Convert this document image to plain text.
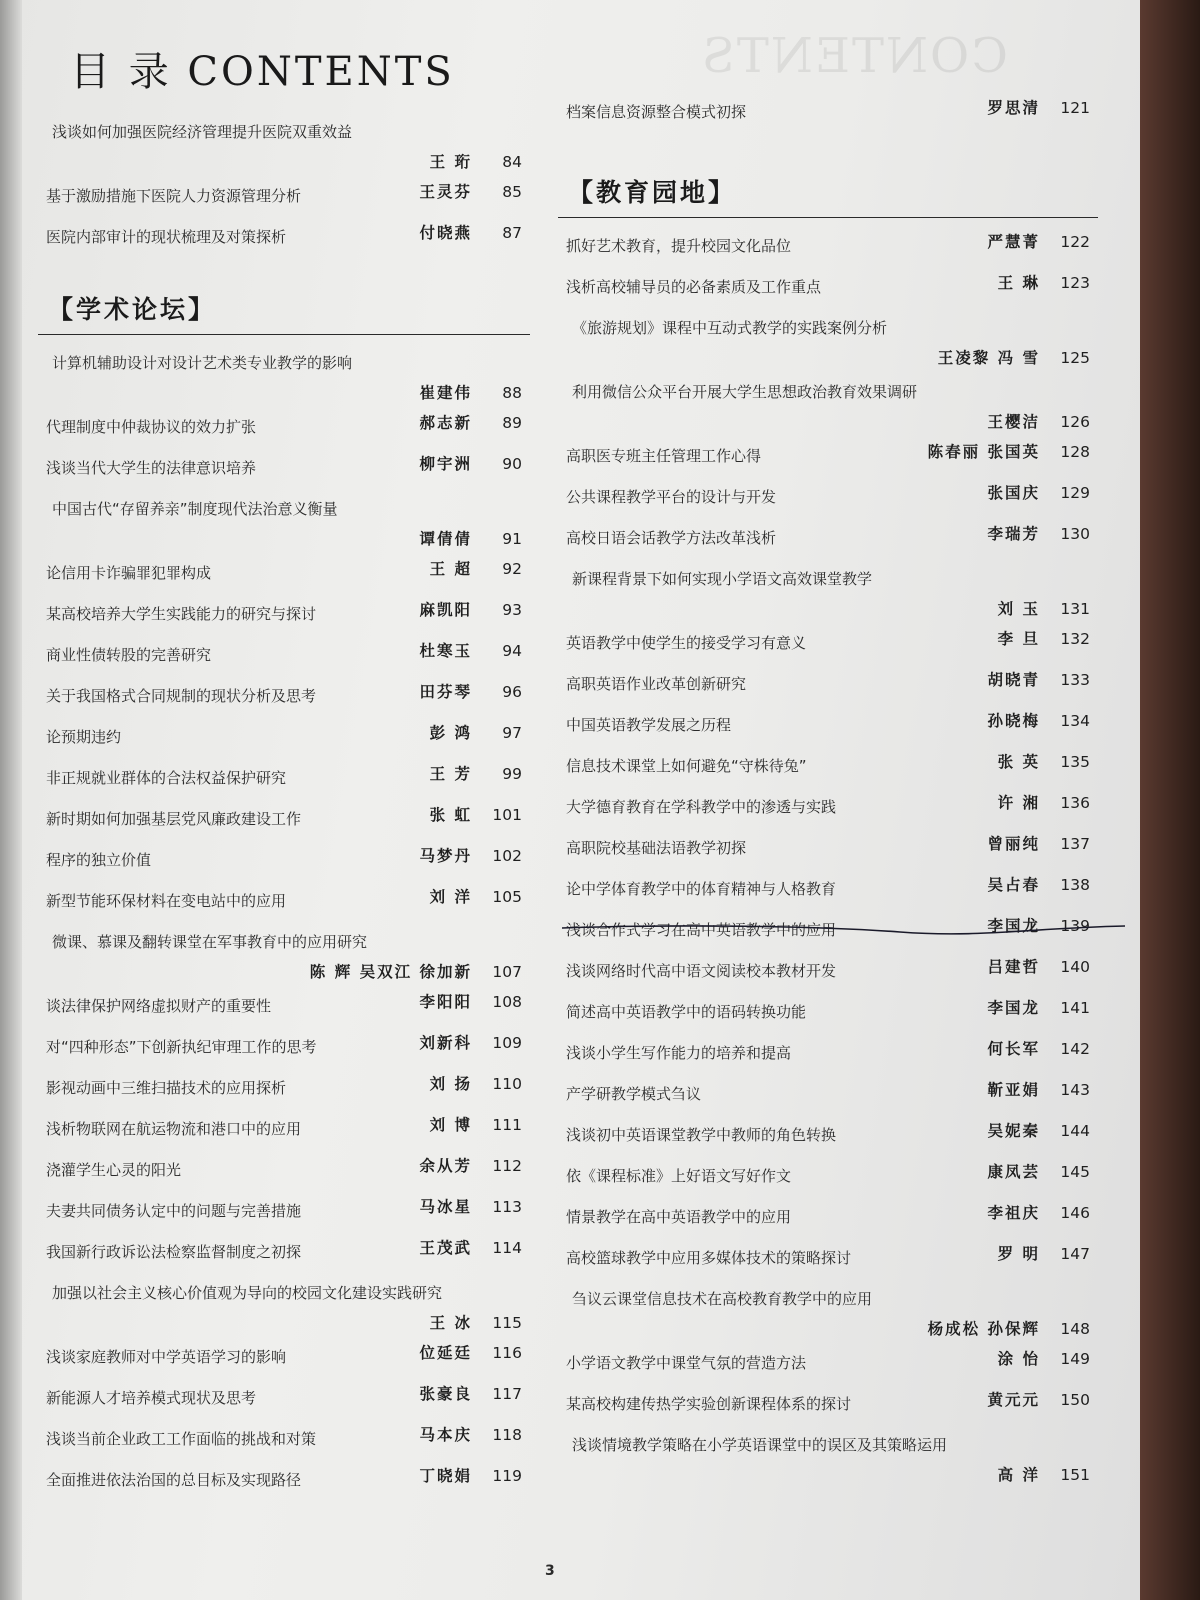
CONTENTS
目 录 CONTENTS
浅谈如何加强医院经济管理提升医院双重效益
王 珩 84
基于激励措施下医院人力资源管理分析	王灵芬 85
医院内部审计的现状梳理及对策探析	付晓燕 87
【学术论坛】
计算机辅助设计对设计艺术类专业教学的影响
崔建伟 88
代理制度中仲裁协议的效力扩张	郝志新 89
浅谈当代大学生的法律意识培养	柳宇洲 90
中国古代“存留养亲”制度现代法治意义衡量
谭倩倩 91
论信用卡诈骗罪犯罪构成	王 超 92
某高校培养大学生实践能力的研究与探讨	麻凯阳 93
商业性债转股的完善研究	杜寒玉 94
关于我国格式合同规制的现状分析及思考	田芬琴 96
论预期违约	彭 鸿 97
非正规就业群体的合法权益保护研究	王 芳 99
新时期如何加强基层党风廉政建设工作	张 虹 101
程序的独立价值	马梦丹 102
新型节能环保材料在变电站中的应用	刘 洋 105
微课、慕课及翻转课堂在军事教育中的应用研究
陈 辉 吴双江 徐加新 107
谈法律保护网络虚拟财产的重要性	李阳阳 108
对“四种形态”下创新执纪审理工作的思考	刘新科 109
影视动画中三维扫描技术的应用探析	刘 扬 110
浅析物联网在航运物流和港口中的应用	刘 博 111
浇灌学生心灵的阳光	余从芳 112
夫妻共同债务认定中的问题与完善措施	马冰星 113
我国新行政诉讼法检察监督制度之初探	王茂武 114
加强以社会主义核心价值观为导向的校园文化建设实践研究
王 冰 115
浅谈家庭教师对中学英语学习的影响	位延廷 116
新能源人才培养模式现状及思考	张豪良 117
浅谈当前企业政工工作面临的挑战和对策	马本庆 118
全面推进依法治国的总目标及实现路径	丁晓娟 119
档案信息资源整合模式初探	罗思清 121
【教育园地】
抓好艺术教育，提升校园文化品位	严慧菁 122
浅析高校辅导员的必备素质及工作重点	王 琳 123
《旅游规划》课程中互动式教学的实践案例分析
王凌黎 冯 雪 125
利用微信公众平台开展大学生思想政治教育效果调研
王樱洁 126
高职医专班主任管理工作心得	陈春丽 张国英 128
公共课程教学平台的设计与开发	张国庆 129
高校日语会话教学方法改革浅析	李瑞芳 130
新课程背景下如何实现小学语文高效课堂教学
刘 玉 131
英语教学中使学生的接受学习有意义	李 旦 132
高职英语作业改革创新研究	胡晓青 133
中国英语教学发展之历程	孙晓梅 134
信息技术课堂上如何避免“守株待兔”	张 英 135
大学德育教育在学科教学中的渗透与实践	许 湘 136
高职院校基础法语教学初探	曾丽纯 137
论中学体育教学中的体育精神与人格教育	吴占春 138
浅谈合作式学习在高中英语教学中的应用	李国龙 139
浅谈网络时代高中语文阅读校本教材开发	吕建哲 140
简述高中英语教学中的语码转换功能	李国龙 141
浅谈小学生写作能力的培养和提高	何长军 142
产学研教学模式刍议	靳亚娟 143
浅谈初中英语课堂教学中教师的角色转换	吴妮秦 144
依《课程标准》上好语文写好作文	康凤芸 145
情景教学在高中英语教学中的应用	李祖庆 146
高校篮球教学中应用多媒体技术的策略探讨	罗 明 147
刍议云课堂信息技术在高校教育教学中的应用
杨成松 孙保辉 148
小学语文教学中课堂气氛的营造方法	涂 怡 149
某高校构建传热学实验创新课程体系的探讨	黄元元 150
浅谈情境教学策略在小学英语课堂中的误区及其策略运用
高 洋 151
3
